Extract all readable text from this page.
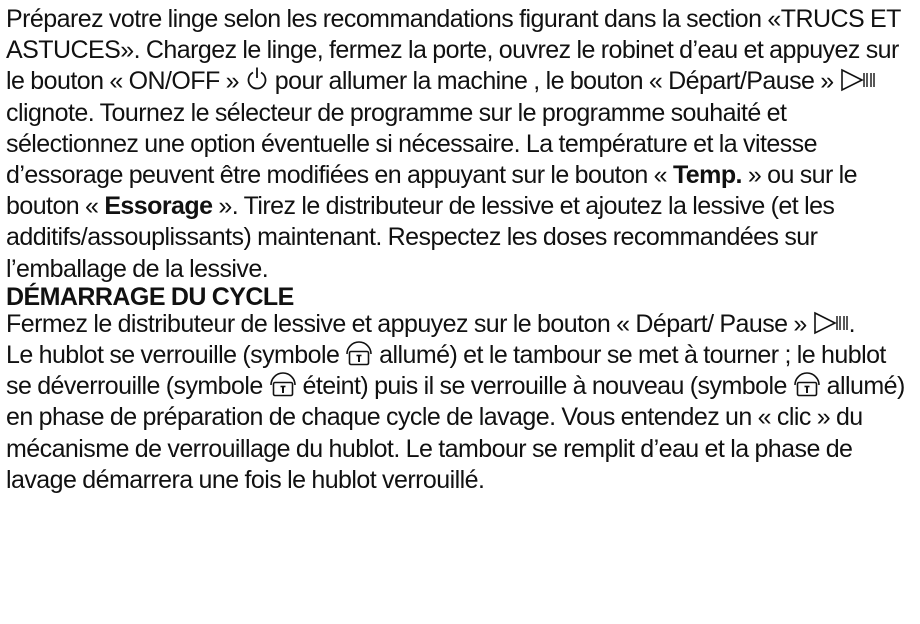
Préparez votre linge selon les recommandations figurant dans la section «TRUCS ET ASTUCES». Chargez le linge, fermez la porte, ouvrez le robinet d’eau et appuyez sur le bouton « ON/OFF »
pour allumer la machine , le bouton « Départ/Pause »
clignote. Tournez le sélecteur de programme sur le programme souhaité et sélectionnez une option éventuelle si nécessaire. La température et la vitesse d’essorage peuvent être modifiées en appuyant sur le bouton « Temp. » ou sur le bouton « Essorage ». Tirez le distributeur de lessive et ajoutez la lessive (et les additifs/assouplissants) maintenant. Respectez les doses recommandées sur l’emballage de la lessive.

DÉMARRAGE DU CYCLE

Fermez le distributeur de lessive et appuyez sur le bouton « Départ/ Pause »
.

Le hublot se verrouille (symbole
allumé) et le tambour se met à tourner ; le hublot se déverrouille (symbole
éteint) puis il se verrouille à nouveau (symbole
allumé) en phase de préparation de chaque cycle de lavage. Vous entendez un « clic » du mécanisme de verrouillage du hublot. Le tambour se remplit d’eau et la phase de lavage démarrera une fois le hublot verrouillé.
